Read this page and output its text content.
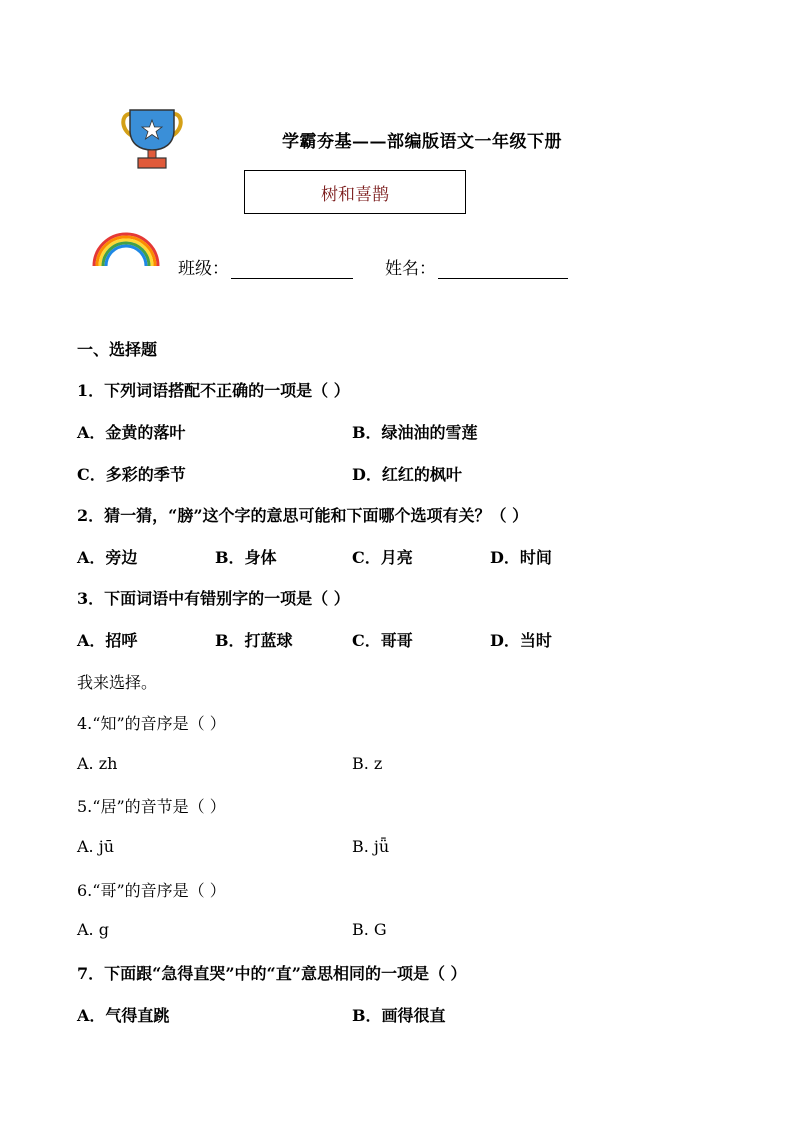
学霸夯基——部编版语文一年级下册
树和喜鹊
班级：	姓名：
一、选择题
1．下列词语搭配不正确的一项是（ ）
A．金黄的落叶	B．绿油油的雪莲
C．多彩的季节	D．红红的枫叶
2．猜一猜，“膀”这个字的意思可能和下面哪个选项有关？（ ）
A．旁边	B．身体	C．月亮	D．时间
3．下面词语中有错别字的一项是（ ）
A．招呼	B．打蓝球	C．哥哥	D．当时
我来选择。
4.“知”的音序是（ ）
A. zh	B. z
5.“居”的音节是（ ）
A. jū	B. jǖ
6.“哥”的音序是（ ）
A. g	B. G
7．下面跟“急得直哭”中的“直”意思相同的一项是（ ）
A．气得直跳	B．画得很直
